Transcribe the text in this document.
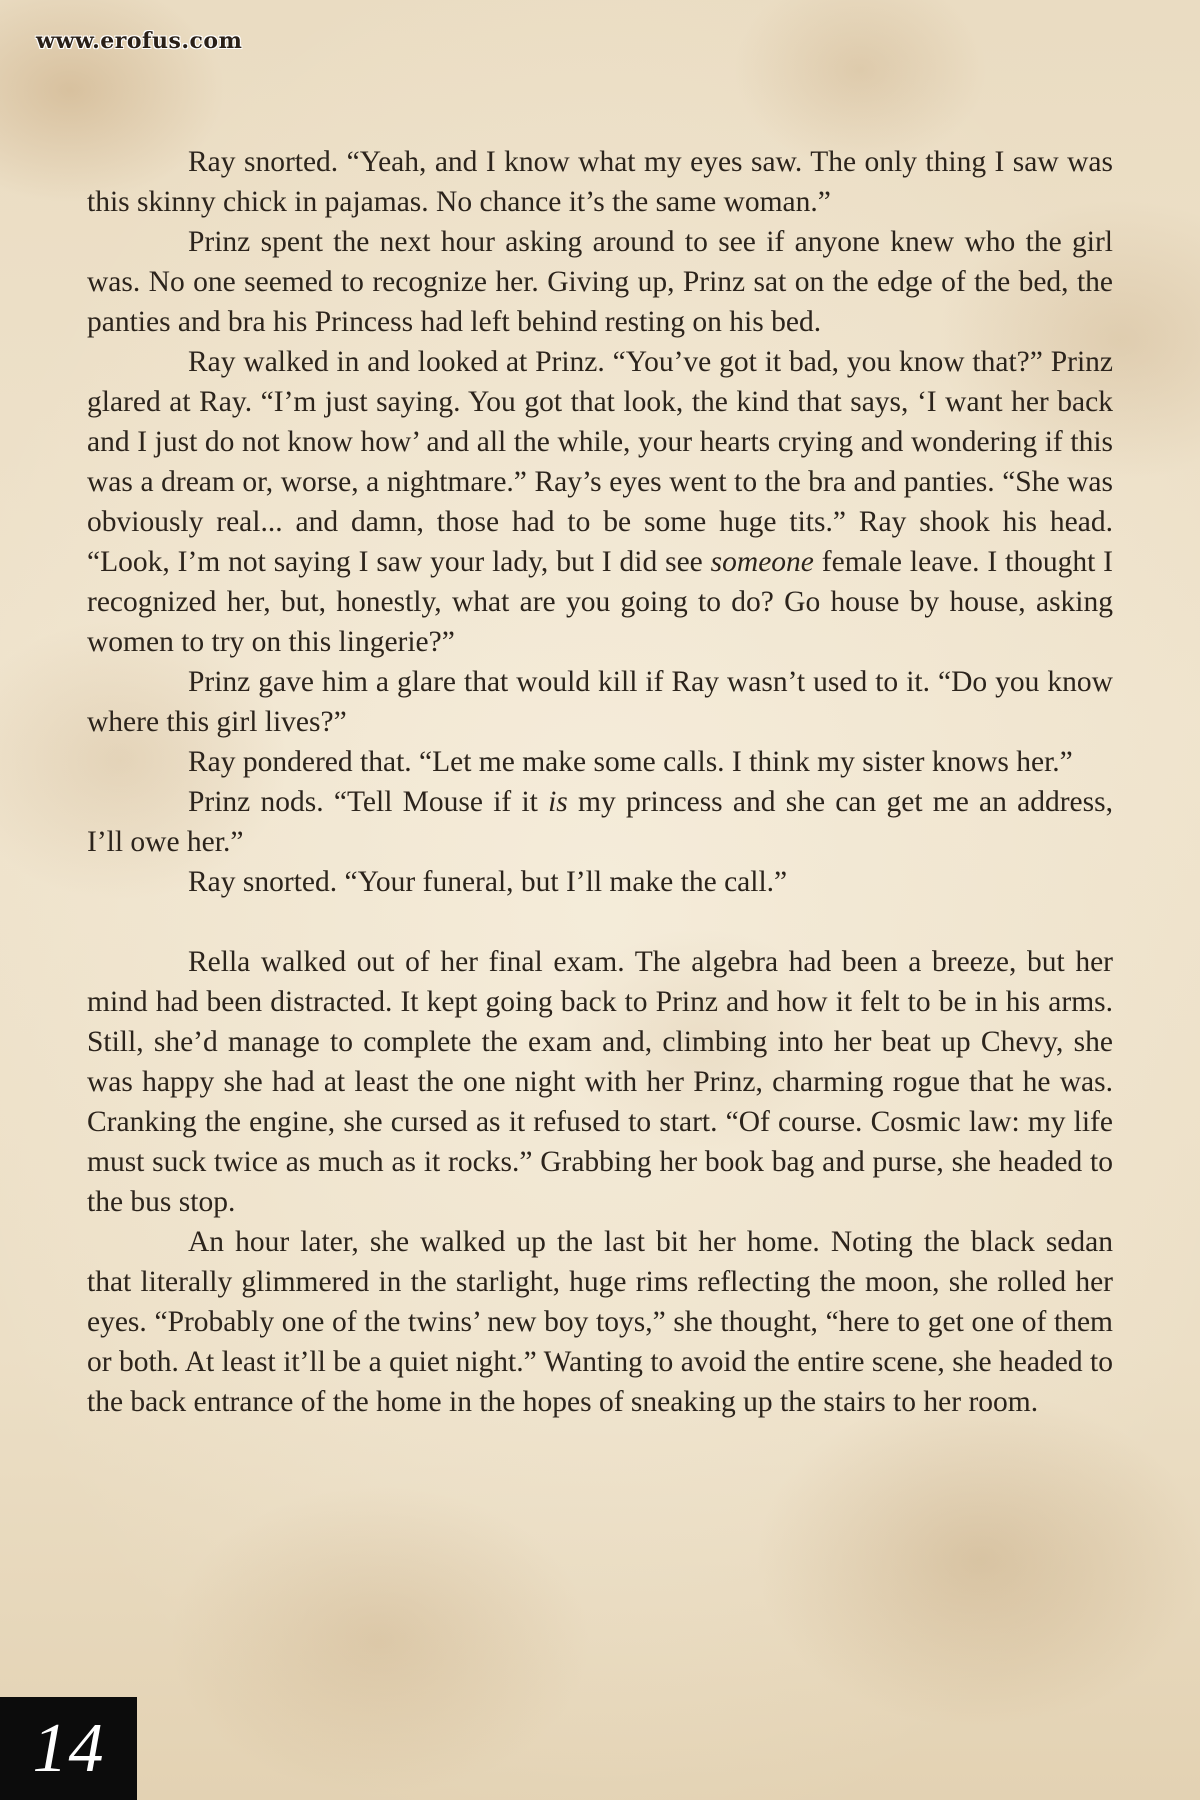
www.erofus.com

Ray snorted. “Yeah, and I know what my eyes saw. The only thing I saw was this skinny chick in pajamas. No chance it’s the same woman.”

Prinz spent the next hour asking around to see if anyone knew who the girl was. No one seemed to recognize her. Giving up, Prinz sat on the edge of the bed, the panties and bra his Princess had left behind resting on his bed.

Ray walked in and looked at Prinz. “You’ve got it bad, you know that?” Prinz glared at Ray. “I’m just saying. You got that look, the kind that says, ‘I want her back and I just do not know how’ and all the while, your hearts crying and wondering if this was a dream or, worse, a nightmare.” Ray’s eyes went to the bra and panties. “She was obviously real... and damn, those had to be some huge tits.” Ray shook his head. “Look, I’m not saying I saw your lady, but I did see someone female leave. I thought I recognized her, but, honestly, what are you going to do? Go house by house, asking women to try on this lingerie?”

Prinz gave him a glare that would kill if Ray wasn’t used to it. “Do you know where this girl lives?”

Ray pondered that. “Let me make some calls. I think my sister knows her.”

Prinz nods. “Tell Mouse if it is my princess and she can get me an address, I’ll owe her.”

Ray snorted. “Your funeral, but I’ll make the call.”

Rella walked out of her final exam. The algebra had been a breeze, but her mind had been distracted. It kept going back to Prinz and how it felt to be in his arms. Still, she’d manage to complete the exam and, climbing into her beat up Chevy, she was happy she had at least the one night with her Prinz, charming rogue that he was. Cranking the engine, she cursed as it refused to start. “Of course. Cosmic law: my life must suck twice as much as it rocks.” Grabbing her book bag and purse, she headed to the bus stop.

An hour later, she walked up the last bit her home. Noting the black sedan that literally glimmered in the starlight, huge rims reflecting the moon, she rolled her eyes. “Probably one of the twins’ new boy toys,” she thought, “here to get one of them or both. At least it’ll be a quiet night.” Wanting to avoid the entire scene, she headed to the back entrance of the home in the hopes of sneaking up the stairs to her room.

14
